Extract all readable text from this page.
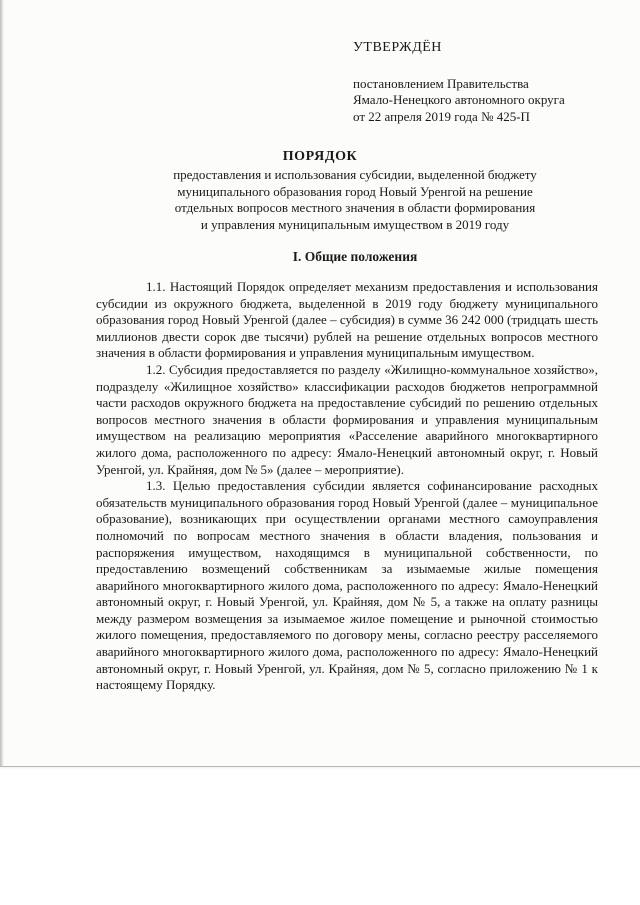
УТВЕРЖДЁН
постановлением Правительства
Ямало-Ненецкого автономного округа
от 22 апреля 2019 года № 425-П
ПОРЯДОК
предоставления и использования субсидии, выделенной бюджету
муниципального образования город Новый Уренгой на решение
отдельных вопросов местного значения в области формирования
и управления муниципальным имуществом в 2019 году
I. Общие положения

1.1. Настоящий Порядок определяет механизм предоставления и использования субсидии из окружного бюджета, выделенной в 2019 году бюджету муниципального образования город Новый Уренгой (далее – субсидия) в сумме 36 242 000 (тридцать шесть миллионов двести сорок две тысячи) рублей на решение отдельных вопросов местного значения в области формирования и управления муниципальным имуществом.

1.2. Субсидия предоставляется по разделу «Жилищно-коммунальное хозяйство», подразделу «Жилищное хозяйство» классификации расходов бюджетов непрограммной части расходов окружного бюджета на предоставление субсидий по решению отдельных вопросов местного значения в области формирования и управления муниципальным имуществом на реализацию мероприятия «Расселение аварийного многоквартирного жилого дома, расположенного по адресу: Ямало-Ненецкий автономный округ, г. Новый Уренгой, ул. Крайняя, дом № 5» (далее – мероприятие).

1.3. Целью предоставления субсидии является софинансирование расходных обязательств муниципального образования город Новый Уренгой (далее – муниципальное образование), возникающих при осуществлении органами местного самоуправления полномочий по вопросам местного значения в области владения, пользования и распоряжения имуществом, находящимся в муниципальной собственности, по предоставлению возмещений собственникам за изымаемые жилые помещения аварийного многоквартирного жилого дома, расположенного по адресу: Ямало-Ненецкий автономный округ, г. Новый Уренгой, ул. Крайняя, дом № 5, а также на оплату разницы между размером возмещения за изымаемое жилое помещение и рыночной стоимостью жилого помещения, предоставляемого по договору мены, согласно реестру расселяемого аварийного многоквартирного жилого дома, расположенного по адресу: Ямало-Ненецкий автономный округ, г. Новый Уренгой, ул. Крайняя, дом № 5, согласно приложению № 1 к настоящему Порядку.
